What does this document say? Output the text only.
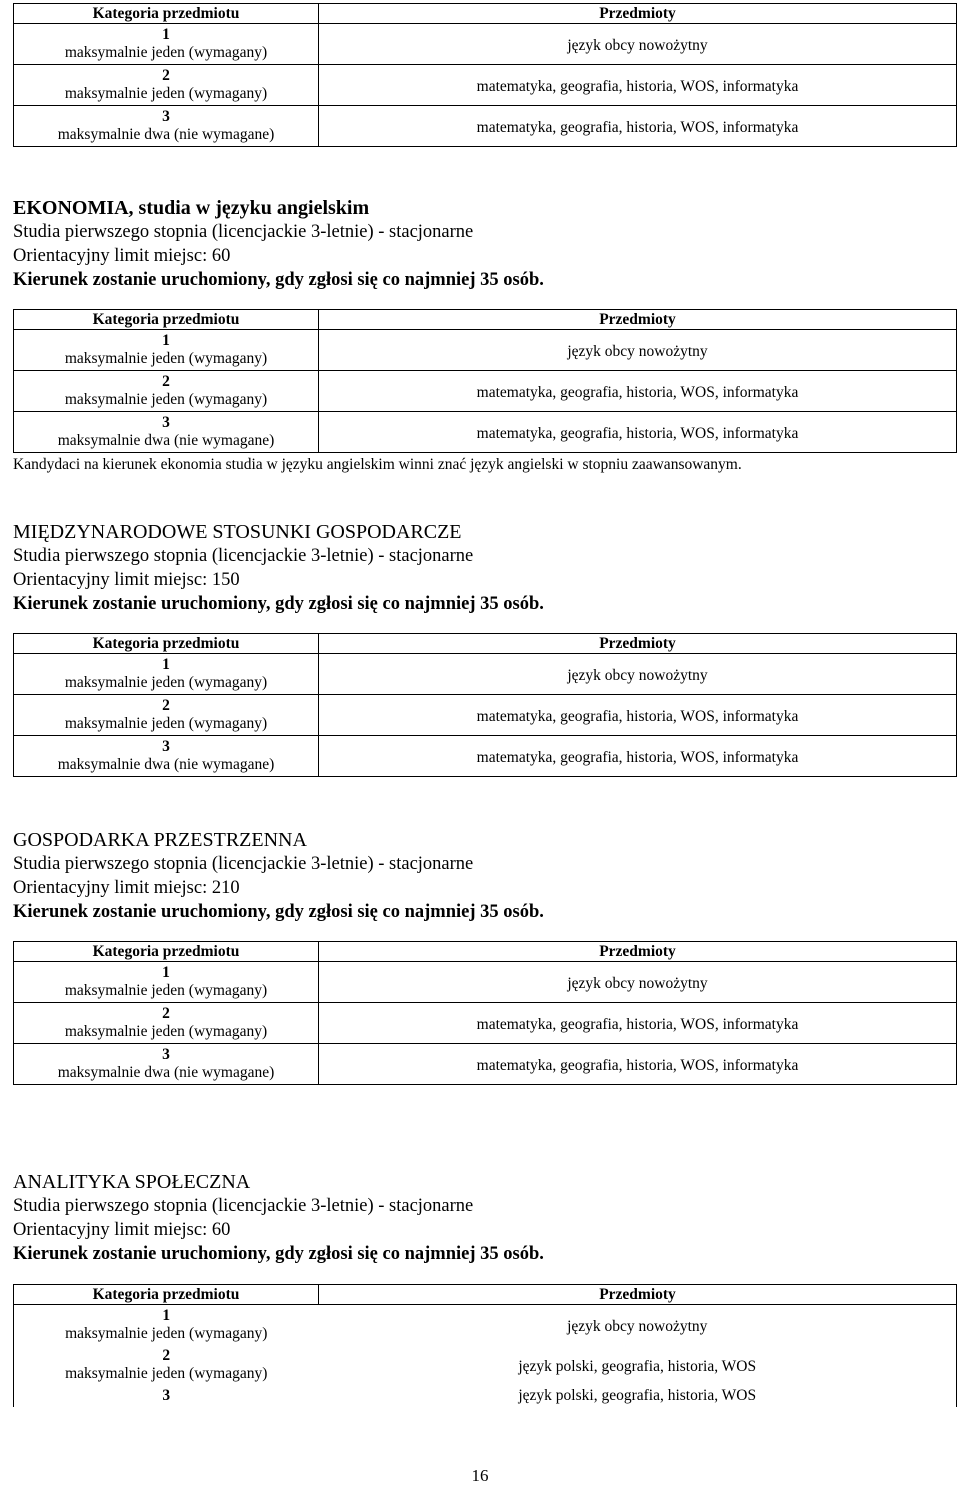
Kategoria przedmiotu	Przedmioty

1
maksymalnie jeden (wymagany)	język obcy nowożytny

2
maksymalnie jeden (wymagany)	matematyka, geografia, historia, WOS, informatyka

3
maksymalnie dwa (nie wymagane)	matematyka, geografia, historia, WOS, informatyka
EKONOMIA, studia w języku angielskim
Studia pierwszego stopnia (licencjackie 3-letnie) - stacjonarne
Orientacyjny limit miejsc: 60
Kierunek zostanie uruchomiony, gdy zgłosi się co najmniej 35 osób.
Kategoria przedmiotu	Przedmioty

1
maksymalnie jeden (wymagany)	język obcy nowożytny

2
maksymalnie jeden (wymagany)	matematyka, geografia, historia, WOS, informatyka

3
maksymalnie dwa (nie wymagane)	matematyka, geografia, historia, WOS, informatyka
Kandydaci na kierunek ekonomia studia w języku angielskim winni znać język angielski w stopniu zaawansowanym.
MIĘDZYNARODOWE STOSUNKI GOSPODARCZE
Studia pierwszego stopnia (licencjackie 3-letnie) - stacjonarne
Orientacyjny limit miejsc: 150
Kierunek zostanie uruchomiony, gdy zgłosi się co najmniej 35 osób.
Kategoria przedmiotu	Przedmioty

1
maksymalnie jeden (wymagany)	język obcy nowożytny

2
maksymalnie jeden (wymagany)	matematyka, geografia, historia, WOS, informatyka

3
maksymalnie dwa (nie wymagane)	matematyka, geografia, historia, WOS, informatyka
GOSPODARKA PRZESTRZENNA
Studia pierwszego stopnia (licencjackie 3-letnie) - stacjonarne
Orientacyjny limit miejsc: 210
Kierunek zostanie uruchomiony, gdy zgłosi się co najmniej 35 osób.
Kategoria przedmiotu	Przedmioty

1
maksymalnie jeden (wymagany)	język obcy nowożytny

2
maksymalnie jeden (wymagany)	matematyka, geografia, historia, WOS, informatyka

3
maksymalnie dwa (nie wymagane)	matematyka, geografia, historia, WOS, informatyka
ANALITYKA SPOŁECZNA
Studia pierwszego stopnia (licencjackie 3-letnie) - stacjonarne
Orientacyjny limit miejsc: 60
Kierunek zostanie uruchomiony, gdy zgłosi się co najmniej 35 osób.
Kategoria przedmiotu	Przedmioty

1
maksymalnie jeden (wymagany)	język obcy nowożytny

2
maksymalnie jeden (wymagany)	język polski, geografia, historia, WOS

3	język polski, geografia, historia, WOS
16
